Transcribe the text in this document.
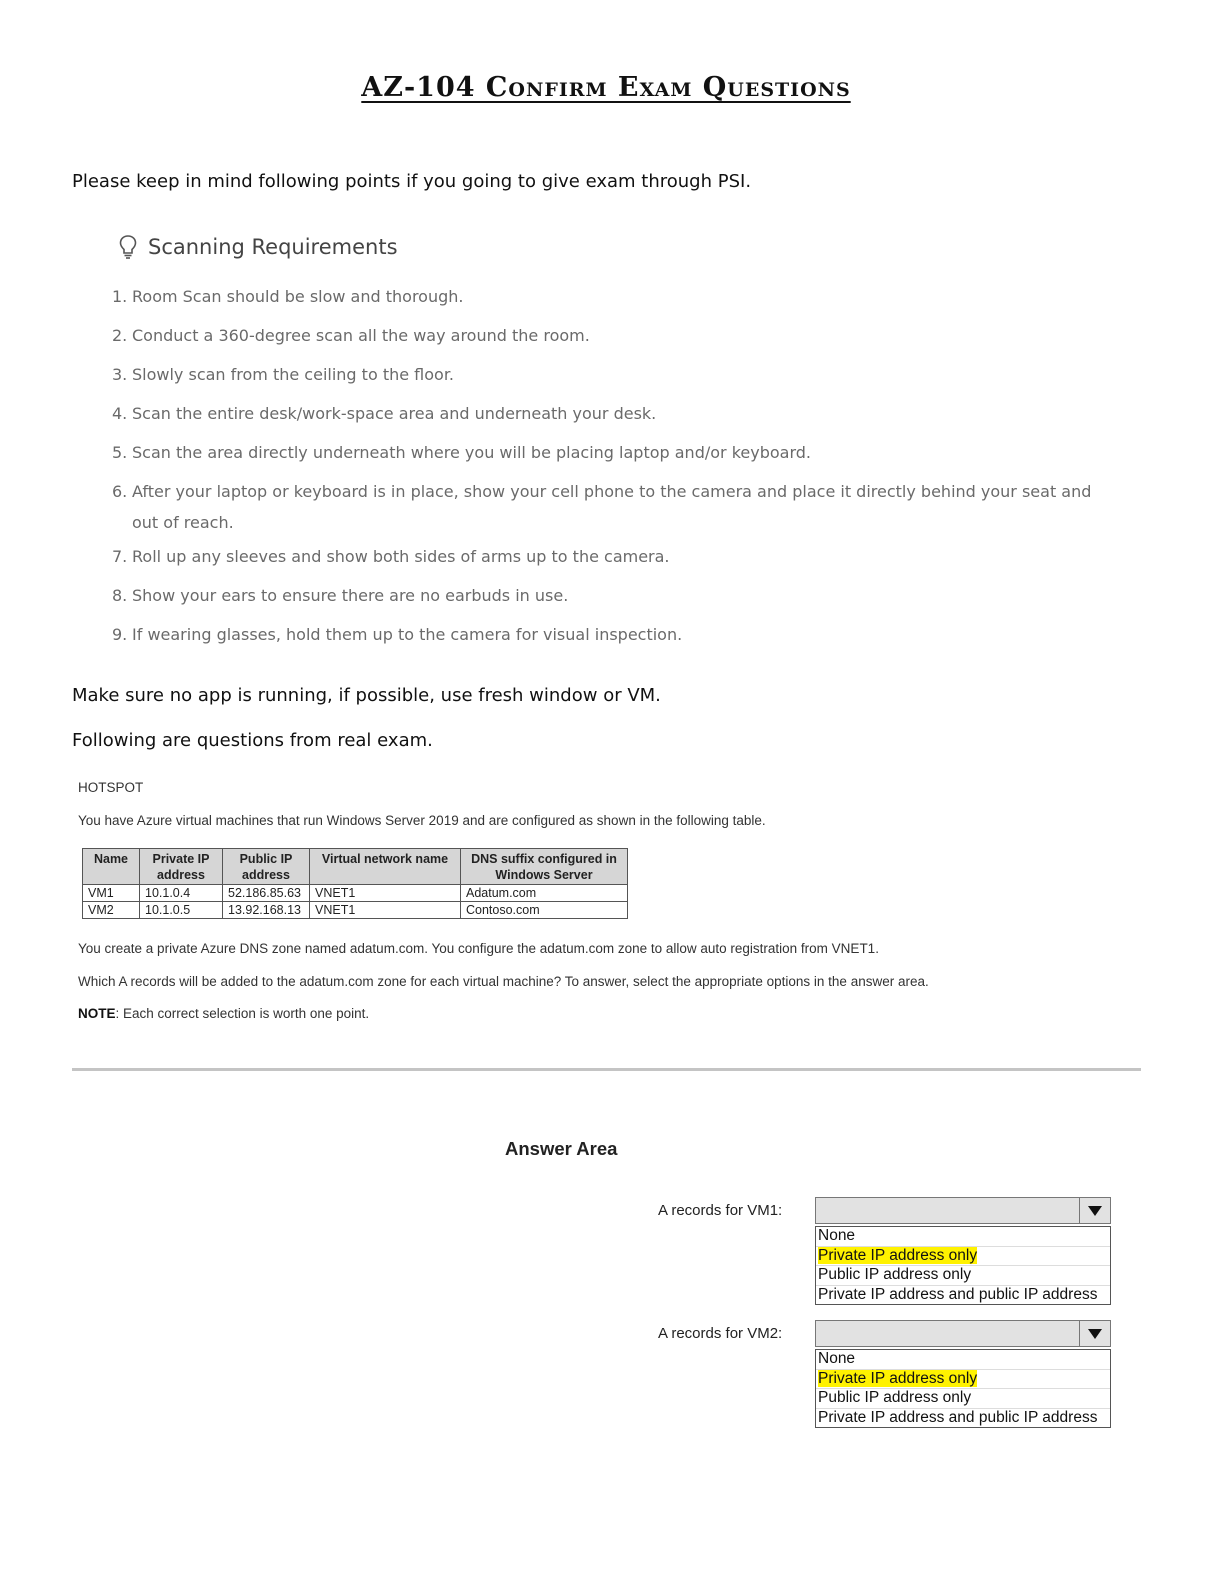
AZ-104 Confirm Exam Questions

Please keep in mind following points if you going to give exam through PSI.

Scanning Requirements
1. Room Scan should be slow and thorough.
2. Conduct a 360-degree scan all the way around the room.
3. Slowly scan from the ceiling to the floor.
4. Scan the entire desk/work-space area and underneath your desk.
5. Scan the area directly underneath where you will be placing laptop and/or keyboard.
6. After your laptop or keyboard is in place, show your cell phone to the camera and place it directly behind your seat and out of reach.
7. Roll up any sleeves and show both sides of arms up to the camera.
8. Show your ears to ensure there are no earbuds in use.
9. If wearing glasses, hold them up to the camera for visual inspection.

Make sure no app is running, if possible, use fresh window or VM.

Following are questions from real exam.

HOTSPOT

You have Azure virtual machines that run Windows Server 2019 and are configured as shown in the following table.

Name	Private IP address	Public IP address	Virtual network name	DNS suffix configured in Windows Server
VM1	10.1.0.4	52.186.85.63	VNET1	Adatum.com
VM2	10.1.0.5	13.92.168.13	VNET1	Contoso.com

You create a private Azure DNS zone named adatum.com. You configure the adatum.com zone to allow auto registration from VNET1.

Which A records will be added to the adatum.com zone for each virtual machine? To answer, select the appropriate options in the answer area.

NOTE: Each correct selection is worth one point.

Answer Area

A records for VM1:

None
Private IP address only
Public IP address only
Private IP address and public IP address

A records for VM2:

None
Private IP address only
Public IP address only
Private IP address and public IP address
